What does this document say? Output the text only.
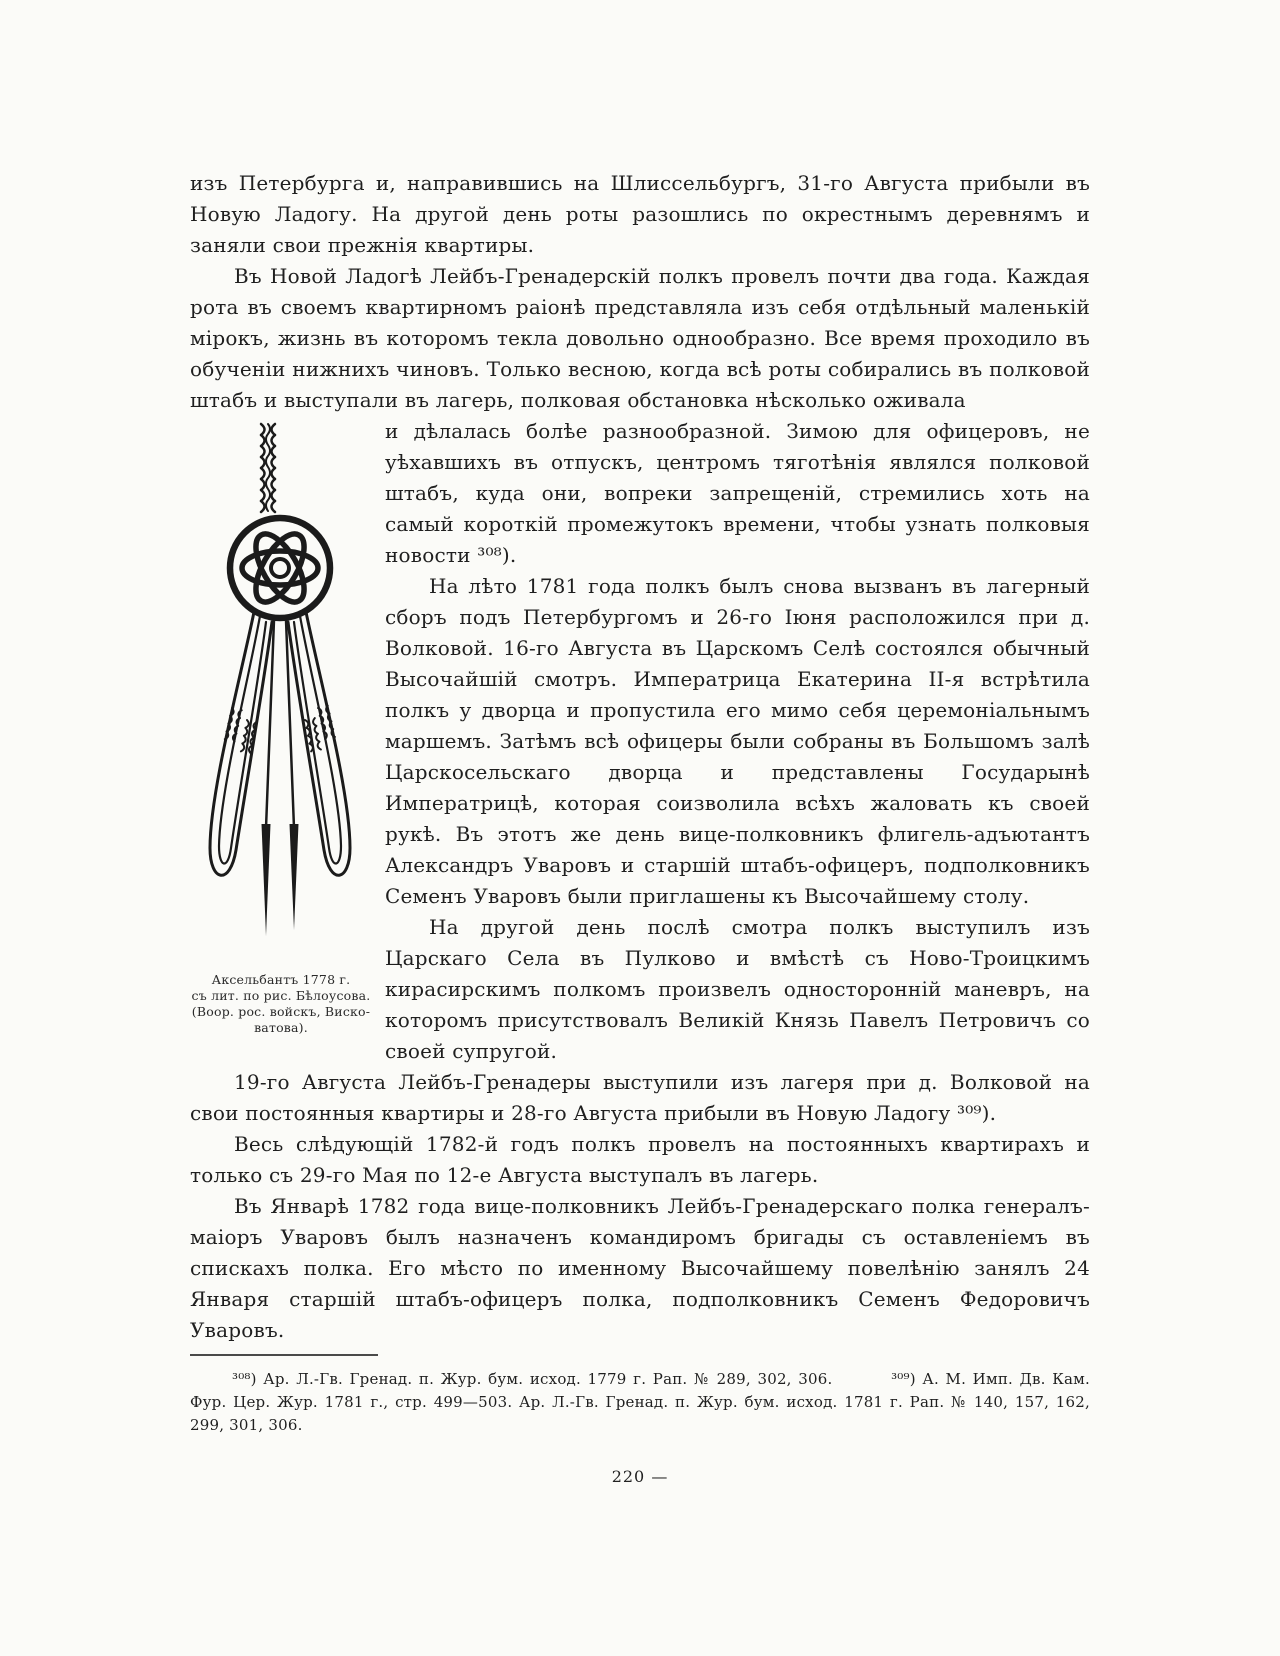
изъ Петербурга и, направившись на Шлиссельбургъ, 31-го Августа прибыли въ Новую Ладогу. На другой день роты разошлись по окрестнымъ деревнямъ и заняли свои прежнія квартиры.

Въ Новой Ладогѣ Лейбъ-Гренадерскій полкъ провелъ почти два года. Каждая рота въ своемъ квартирномъ раіонѣ представляла изъ себя отдѣльный маленькій мірокъ, жизнь въ которомъ текла довольно однообразно. Все время проходило въ обученіи нижнихъ чиновъ. Только весною, когда всѣ роты собирались въ полковой штабъ и выступали въ лагерь, полковая обстановка нѣсколько оживала

Аксельбантъ 1778 г.
съ лит. по рис. Бѣлоусова.
(Воор. рос. войскъ, Виско-
ватова).

и дѣлалась болѣе разнообразной. Зимою для офицеровъ, не уѣхавшихъ въ отпускъ, центромъ тяготѣнія являлся полковой штабъ, куда они, вопреки запрещеній, стремились хоть на самый короткій промежутокъ времени, чтобы узнать полковыя новости ³⁰⁸).

На лѣто 1781 года полкъ былъ снова вызванъ въ лагерный сборъ подъ Петербургомъ и 26-го Іюня расположился при д. Волковой. 16-го Августа въ Царскомъ Селѣ состоялся обычный Высочайшій смотръ. Императрица Екатерина II-я встрѣтила полкъ у дворца и пропустила его мимо себя церемоніальнымъ маршемъ. Затѣмъ всѣ офицеры были собраны въ Большомъ залѣ Царскосельскаго дворца и представлены Государынѣ Императрицѣ, которая соизволила всѣхъ жаловать къ своей рукѣ. Въ этотъ же день вице-полковникъ флигель-адъютантъ Александръ Уваровъ и старшій штабъ-офицеръ, подполковникъ Семенъ Уваровъ были приглашены къ Высочайшему столу.

На другой день послѣ смотра полкъ выступилъ изъ Царскаго Села въ Пулково и вмѣстѣ съ Ново-Троицкимъ кирасирскимъ полкомъ произвелъ односторонній маневръ, на которомъ присутствовалъ Великій Князь Павелъ Петровичъ со своей супругой.

19-го Августа Лейбъ-Гренадеры выступили изъ лагеря при д. Волковой на свои постоянныя квартиры и 28-го Августа прибыли въ Новую Ладогу ³⁰⁹).

Весь слѣдующій 1782-й годъ полкъ провелъ на постоянныхъ квартирахъ и только съ 29-го Мая по 12-е Августа выступалъ въ лагерь.

Въ Январѣ 1782 года вице-полковникъ Лейбъ-Гренадерскаго полка генералъ-маіоръ Уваровъ былъ назначенъ командиромъ бригады съ оставленіемъ въ спискахъ полка. Его мѣсто по именному Высочайшему повелѣнію занялъ 24 Января старшій штабъ-офицеръ полка, подполковникъ Семенъ Федоровичъ Уваровъ.

³⁰⁸) Ар. Л.-Гв. Гренад. п. Жур. бум. исход. 1779 г. Рап. № 289, 302, 306.	³⁰⁹) А. М. Имп. Дв. Кам. Фур. Цер. Жур. 1781 г., стр. 499—503. Ар. Л.-Гв. Гренад. п. Жур. бум. исход. 1781 г. Рап. № 140, 157, 162, 299, 301, 306.

220 —
